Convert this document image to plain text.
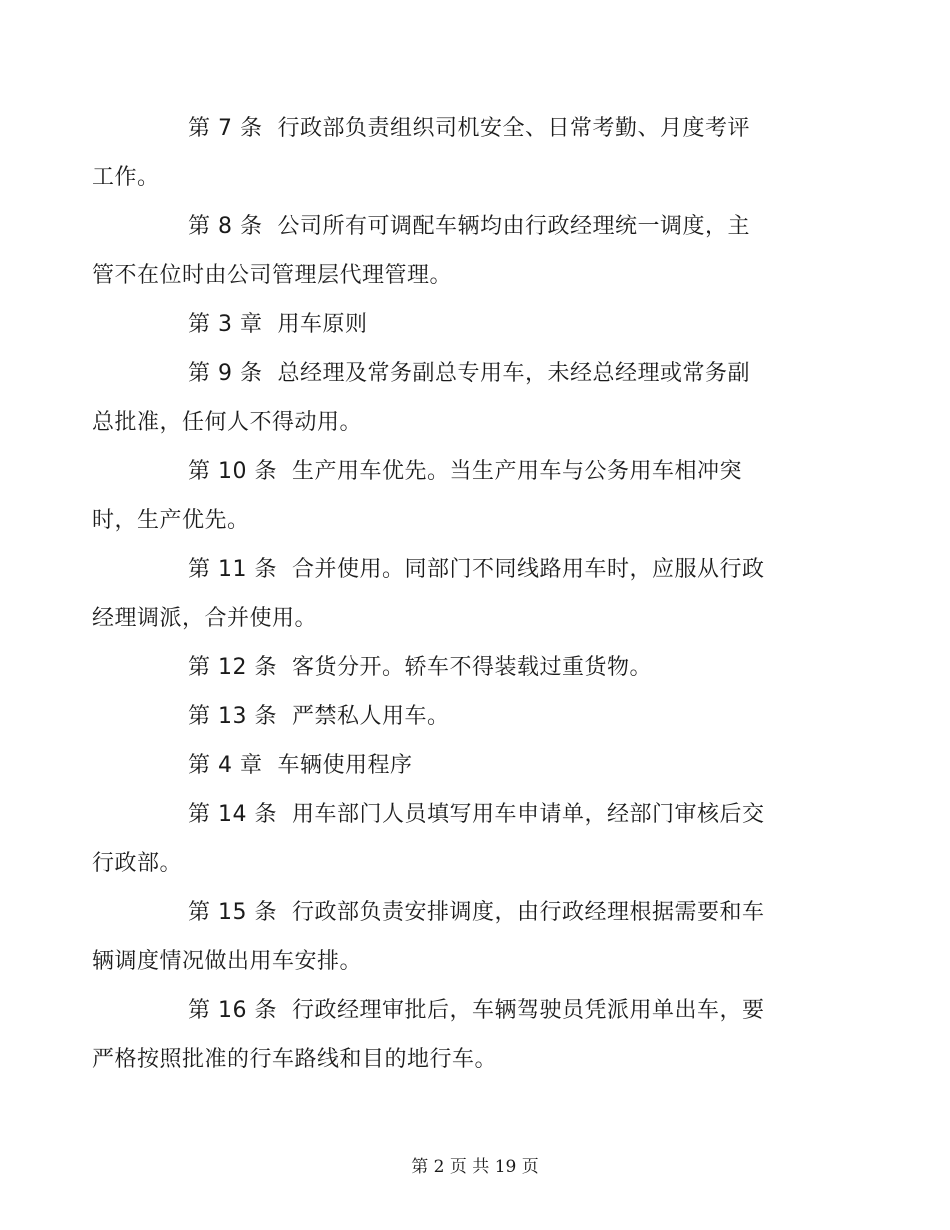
第 7 条  行政部负责组织司机安全、日常考勤、月度考评
工作。

第 8 条  公司所有可调配车辆均由行政经理统一调度，主
管不在位时由公司管理层代理管理。

第 3 章  用车原则

第 9 条  总经理及常务副总专用车，未经总经理或常务副
总批准，任何人不得动用。

第 10 条  生产用车优先。当生产用车与公务用车相冲突
时，生产优先。

第 11 条  合并使用。同部门不同线路用车时，应服从行政
经理调派，合并使用。

第 12 条  客货分开。轿车不得装载过重货物。

第 13 条  严禁私人用车。

第 4 章  车辆使用程序

第 14 条  用车部门人员填写用车申请单，经部门审核后交
行政部。

第 15 条  行政部负责安排调度，由行政经理根据需要和车
辆调度情况做出用车安排。

第 16 条  行政经理审批后，车辆驾驶员凭派用单出车，要
严格按照批准的行车路线和目的地行车。

第 2 页 共 19 页
